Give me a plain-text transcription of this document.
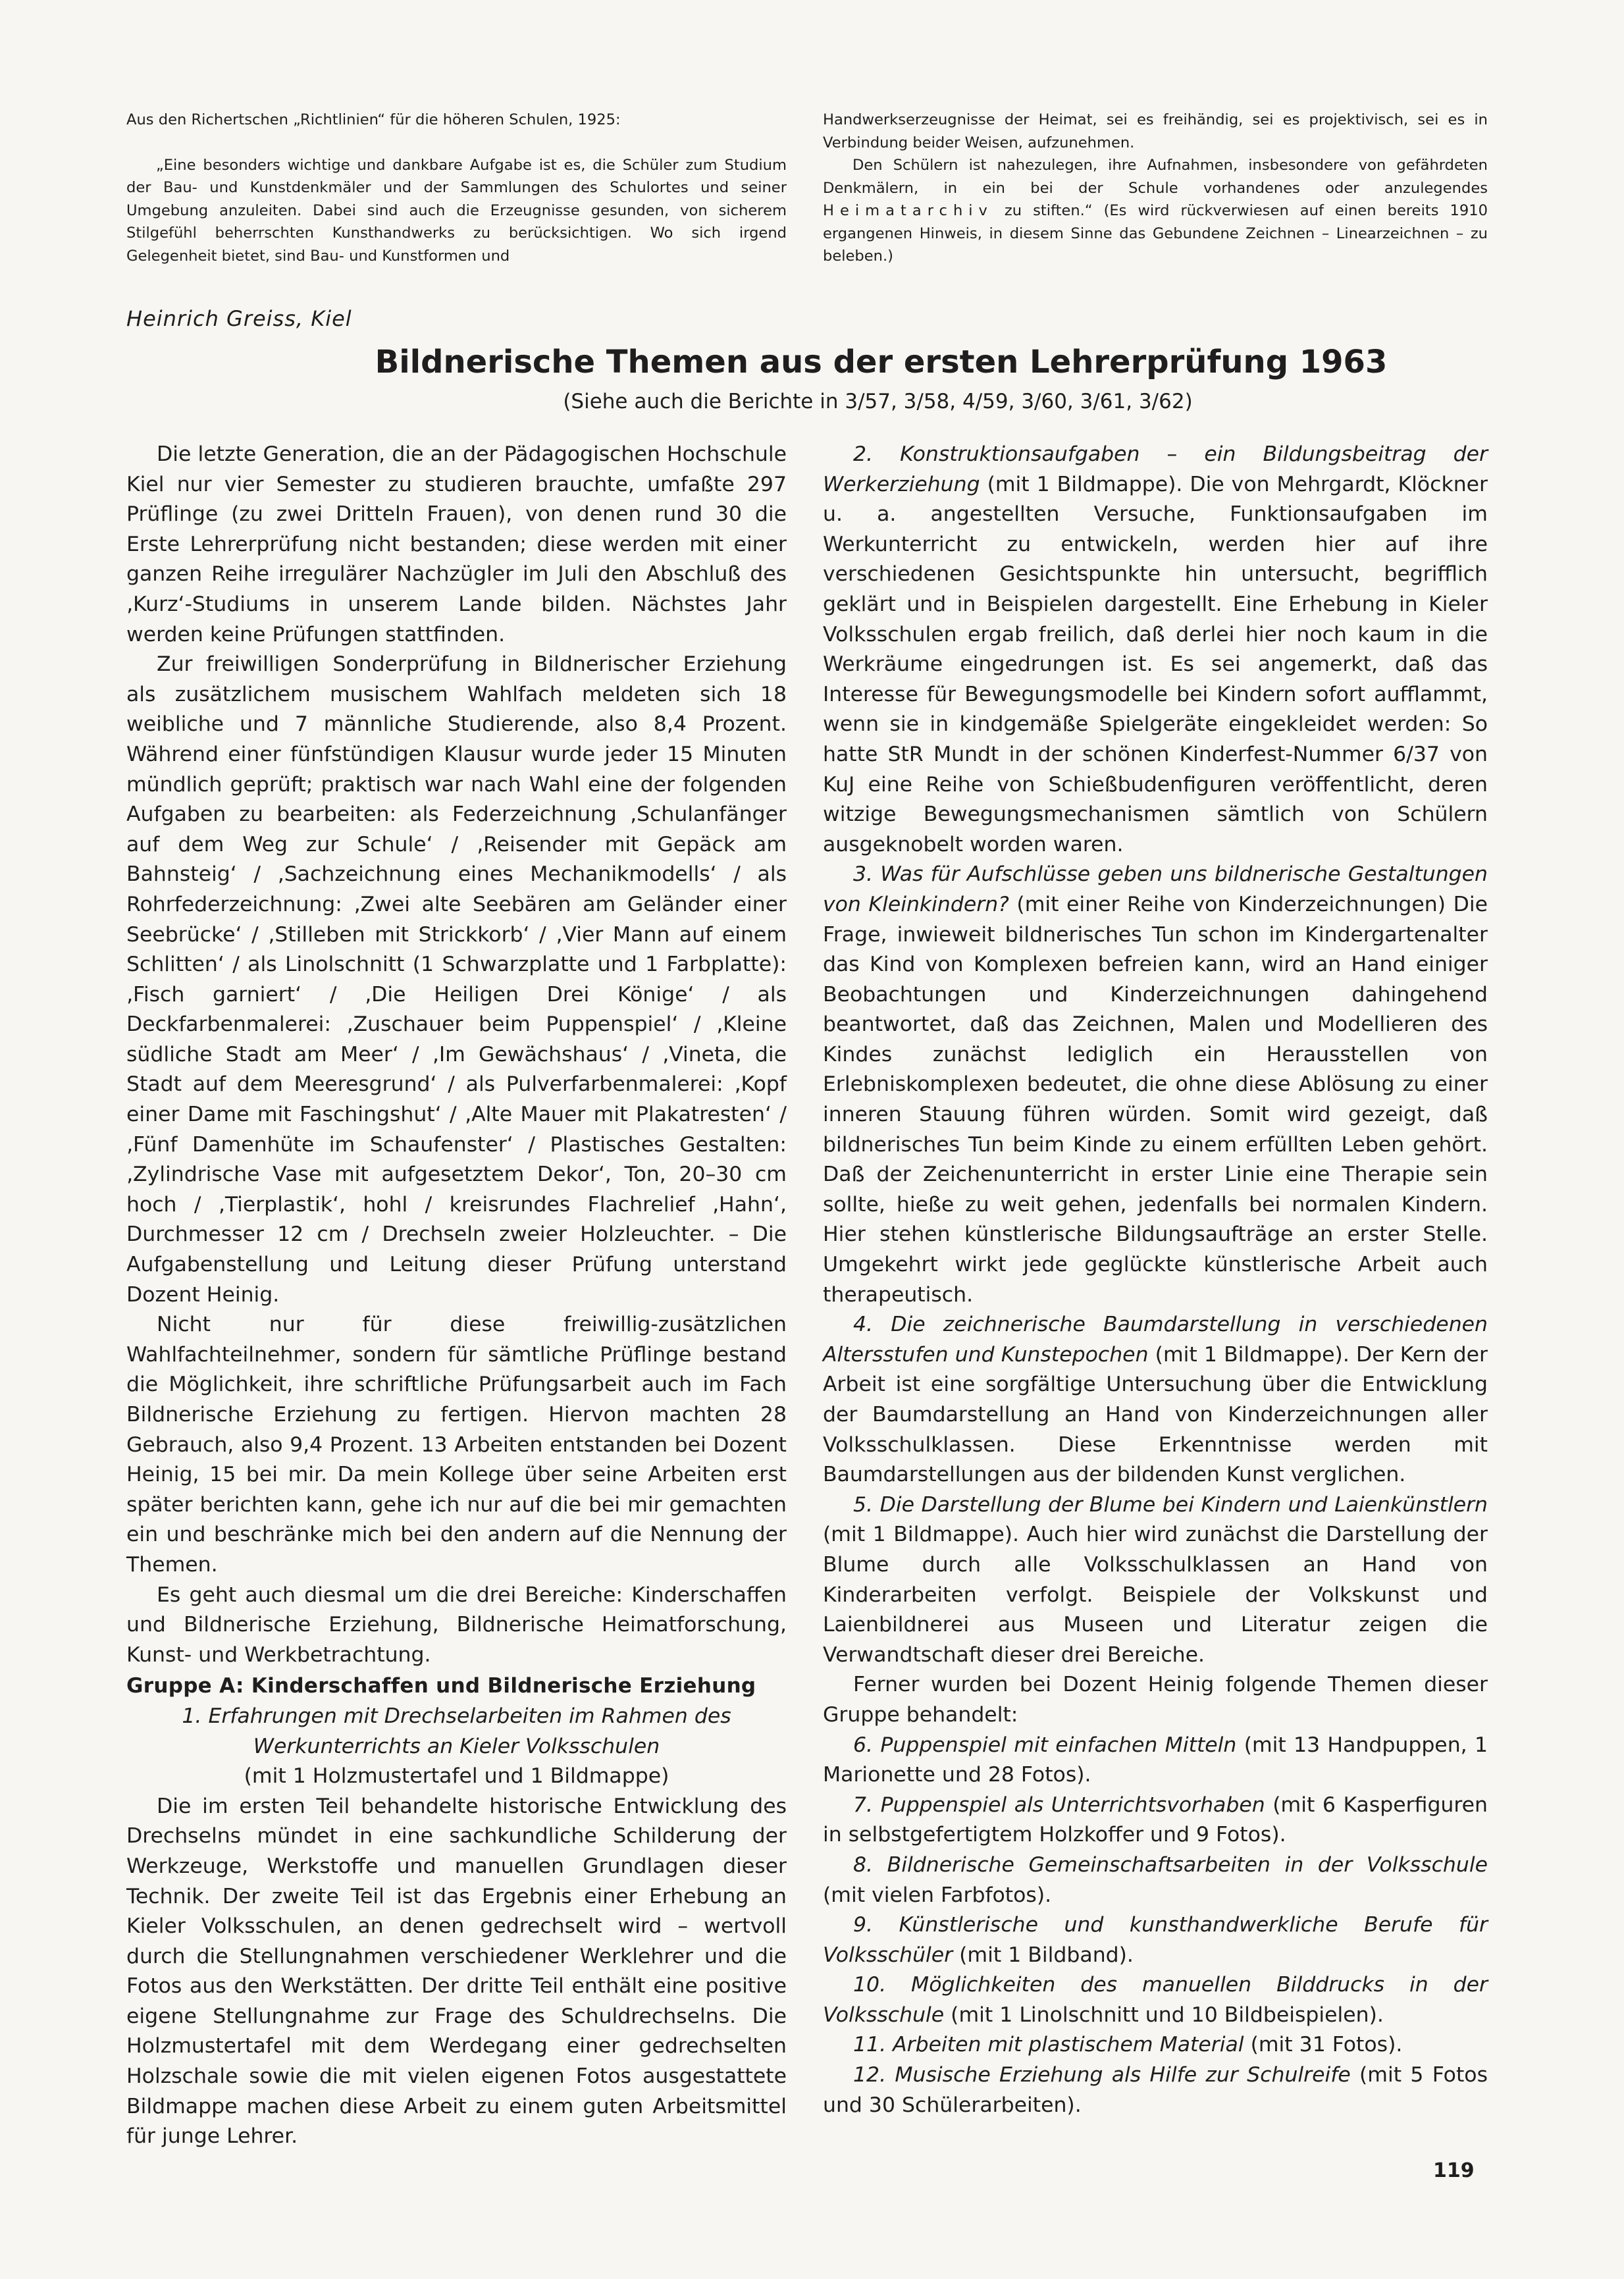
Aus den Richertschen „Richtlinien“ für die höheren Schulen, 1925:

„Eine besonders wichtige und dankbare Aufgabe ist es, die Schüler zum Studium der Bau- und Kunstdenkmäler und der Sammlungen des Schulortes und seiner Umgebung anzuleiten. Dabei sind auch die Erzeugnisse gesunden, von sicherem Stilgefühl beherrschten Kunsthandwerks zu berücksichtigen. Wo sich irgend Gelegenheit bietet, sind Bau- und Kunstformen und

Handwerkserzeugnisse der Heimat, sei es freihändig, sei es projektivisch, sei es in Verbindung beider Weisen, aufzunehmen.

Den Schülern ist nahezulegen, ihre Aufnahmen, insbesondere von gefährdeten Denkmälern, in ein bei der Schule vorhandenes oder anzulegendes Heimatarchiv zu stiften.“ (Es wird rückverwiesen auf einen bereits 1910 ergangenen Hinweis, in diesem Sinne das Gebundene Zeichnen – Linearzeichnen – zu beleben.)

Heinrich Greiss, Kiel
Bildnerische Themen aus der ersten Lehrerprüfung 1963
(Siehe auch die Berichte in 3/57, 3/58, 4/59, 3/60, 3/61, 3/62)

Die letzte Generation, die an der Pädagogischen Hochschule Kiel nur vier Semester zu studieren brauchte, umfaßte 297 Prüflinge (zu zwei Dritteln Frauen), von denen rund 30 die Erste Lehrerprüfung nicht bestanden; diese werden mit einer ganzen Reihe irregulärer Nachzügler im Juli den Abschluß des ‚Kurz‘-Studiums in unserem Lande bilden. Nächstes Jahr werden keine Prüfungen stattfinden.

Zur freiwilligen Sonderprüfung in Bildnerischer Erziehung als zusätzlichem musischem Wahlfach meldeten sich 18 weibliche und 7 männliche Studierende, also 8,4 Prozent. Während einer fünfstündigen Klausur wurde jeder 15 Minuten mündlich geprüft; praktisch war nach Wahl eine der folgenden Aufgaben zu bearbeiten: als Federzeichnung ‚Schulanfänger auf dem Weg zur Schule‘ / ‚Reisender mit Gepäck am Bahnsteig‘ / ‚Sachzeichnung eines Mechanikmodells‘ / als Rohrfederzeichnung: ‚Zwei alte Seebären am Geländer einer Seebrücke‘ / ‚Stilleben mit Strickkorb‘ / ‚Vier Mann auf einem Schlitten‘ / als Linolschnitt (1 Schwarzplatte und 1 Farbplatte): ‚Fisch garniert‘ / ‚Die Heiligen Drei Könige‘ / als Deckfarbenmalerei: ‚Zuschauer beim Puppenspiel‘ / ‚Kleine südliche Stadt am Meer‘ / ‚Im Gewächshaus‘ / ‚Vineta, die Stadt auf dem Meeresgrund‘ / als Pulverfarbenmalerei: ‚Kopf einer Dame mit Faschingshut‘ / ‚Alte Mauer mit Plakatresten‘ / ‚Fünf Damenhüte im Schaufenster‘ / Plastisches Gestalten: ‚Zylindrische Vase mit aufgesetztem Dekor‘, Ton, 20–30 cm hoch / ‚Tierplastik‘, hohl / kreisrundes Flachrelief ‚Hahn‘, Durchmesser 12 cm / Drechseln zweier Holzleuchter. – Die Aufgabenstellung und Leitung dieser Prüfung unterstand Dozent Heinig.

Nicht nur für diese freiwillig-zusätzlichen Wahlfachteilnehmer, sondern für sämtliche Prüflinge bestand die Möglichkeit, ihre schriftliche Prüfungsarbeit auch im Fach Bildnerische Erziehung zu fertigen. Hiervon machten 28 Gebrauch, also 9,4 Prozent. 13 Arbeiten entstanden bei Dozent Heinig, 15 bei mir. Da mein Kollege über seine Arbeiten erst später berichten kann, gehe ich nur auf die bei mir gemachten ein und beschränke mich bei den andern auf die Nennung der Themen.

Es geht auch diesmal um die drei Bereiche: Kinderschaffen und Bildnerische Erziehung, Bildnerische Heimatforschung, Kunst- und Werkbetrachtung.

Gruppe A: Kinderschaffen und Bildnerische Erziehung

1. Erfahrungen mit Drechselarbeiten im Rahmen des Werkunterrichts an Kieler Volksschulen

(mit 1 Holzmustertafel und 1 Bildmappe)

Die im ersten Teil behandelte historische Entwicklung des Drechselns mündet in eine sachkundliche Schilderung der Werkzeuge, Werkstoffe und manuellen Grundlagen dieser Technik. Der zweite Teil ist das Ergebnis einer Erhebung an Kieler Volksschulen, an denen gedrechselt wird – wertvoll durch die Stellungnahmen verschiedener Werklehrer und die Fotos aus den Werkstätten. Der dritte Teil enthält eine positive eigene Stellungnahme zur Frage des Schuldrechselns. Die Holzmustertafel mit dem Werdegang einer gedrechselten Holzschale sowie die mit vielen eigenen Fotos ausgestattete Bildmappe machen diese Arbeit zu einem guten Arbeitsmittel für junge Lehrer.

2. Konstruktionsaufgaben – ein Bildungsbeitrag der Werkerziehung (mit 1 Bildmappe). Die von Mehrgardt, Klöckner u. a. angestellten Versuche, Funktionsaufgaben im Werkunterricht zu entwickeln, werden hier auf ihre verschiedenen Gesichtspunkte hin untersucht, begrifflich geklärt und in Beispielen dargestellt. Eine Erhebung in Kieler Volksschulen ergab freilich, daß derlei hier noch kaum in die Werkräume eingedrungen ist. Es sei angemerkt, daß das Interesse für Bewegungsmodelle bei Kindern sofort aufflammt, wenn sie in kindgemäße Spielgeräte eingekleidet werden: So hatte StR Mundt in der schönen Kinderfest-Nummer 6/37 von KuJ eine Reihe von Schießbudenfiguren veröffentlicht, deren witzige Bewegungsmechanismen sämtlich von Schülern ausgeknobelt worden waren.

3. Was für Aufschlüsse geben uns bildnerische Gestaltungen von Kleinkindern? (mit einer Reihe von Kinderzeichnungen) Die Frage, inwieweit bildnerisches Tun schon im Kindergartenalter das Kind von Komplexen befreien kann, wird an Hand einiger Beobachtungen und Kinderzeichnungen dahingehend beantwortet, daß das Zeichnen, Malen und Modellieren des Kindes zunächst lediglich ein Herausstellen von Erlebniskomplexen bedeutet, die ohne diese Ablösung zu einer inneren Stauung führen würden. Somit wird gezeigt, daß bildnerisches Tun beim Kinde zu einem erfüllten Leben gehört. Daß der Zeichenunterricht in erster Linie eine Therapie sein sollte, hieße zu weit gehen, jedenfalls bei normalen Kindern. Hier stehen künstlerische Bildungsaufträge an erster Stelle. Umgekehrt wirkt jede geglückte künstlerische Arbeit auch therapeutisch.

4. Die zeichnerische Baumdarstellung in verschiedenen Altersstufen und Kunstepochen (mit 1 Bildmappe). Der Kern der Arbeit ist eine sorgfältige Untersuchung über die Entwicklung der Baumdarstellung an Hand von Kinderzeichnungen aller Volksschulklassen. Diese Erkenntnisse werden mit Baumdarstellungen aus der bildenden Kunst verglichen.

5. Die Darstellung der Blume bei Kindern und Laienkünstlern (mit 1 Bildmappe). Auch hier wird zunächst die Darstellung der Blume durch alle Volksschulklassen an Hand von Kinderarbeiten verfolgt. Beispiele der Volkskunst und Laienbildnerei aus Museen und Literatur zeigen die Verwandtschaft dieser drei Bereiche.

Ferner wurden bei Dozent Heinig folgende Themen dieser Gruppe behandelt:

6. Puppenspiel mit einfachen Mitteln (mit 13 Handpuppen, 1 Marionette und 28 Fotos).

7. Puppenspiel als Unterrichtsvorhaben (mit 6 Kasperfiguren in selbstgefertigtem Holzkoffer und 9 Fotos).

8. Bildnerische Gemeinschaftsarbeiten in der Volksschule (mit vielen Farbfotos).

9. Künstlerische und kunsthandwerkliche Berufe für Volksschüler (mit 1 Bildband).

10. Möglichkeiten des manuellen Bilddrucks in der Volksschule (mit 1 Linolschnitt und 10 Bildbeispielen).

11. Arbeiten mit plastischem Material (mit 31 Fotos).

12. Musische Erziehung als Hilfe zur Schulreife (mit 5 Fotos und 30 Schülerarbeiten).

119
